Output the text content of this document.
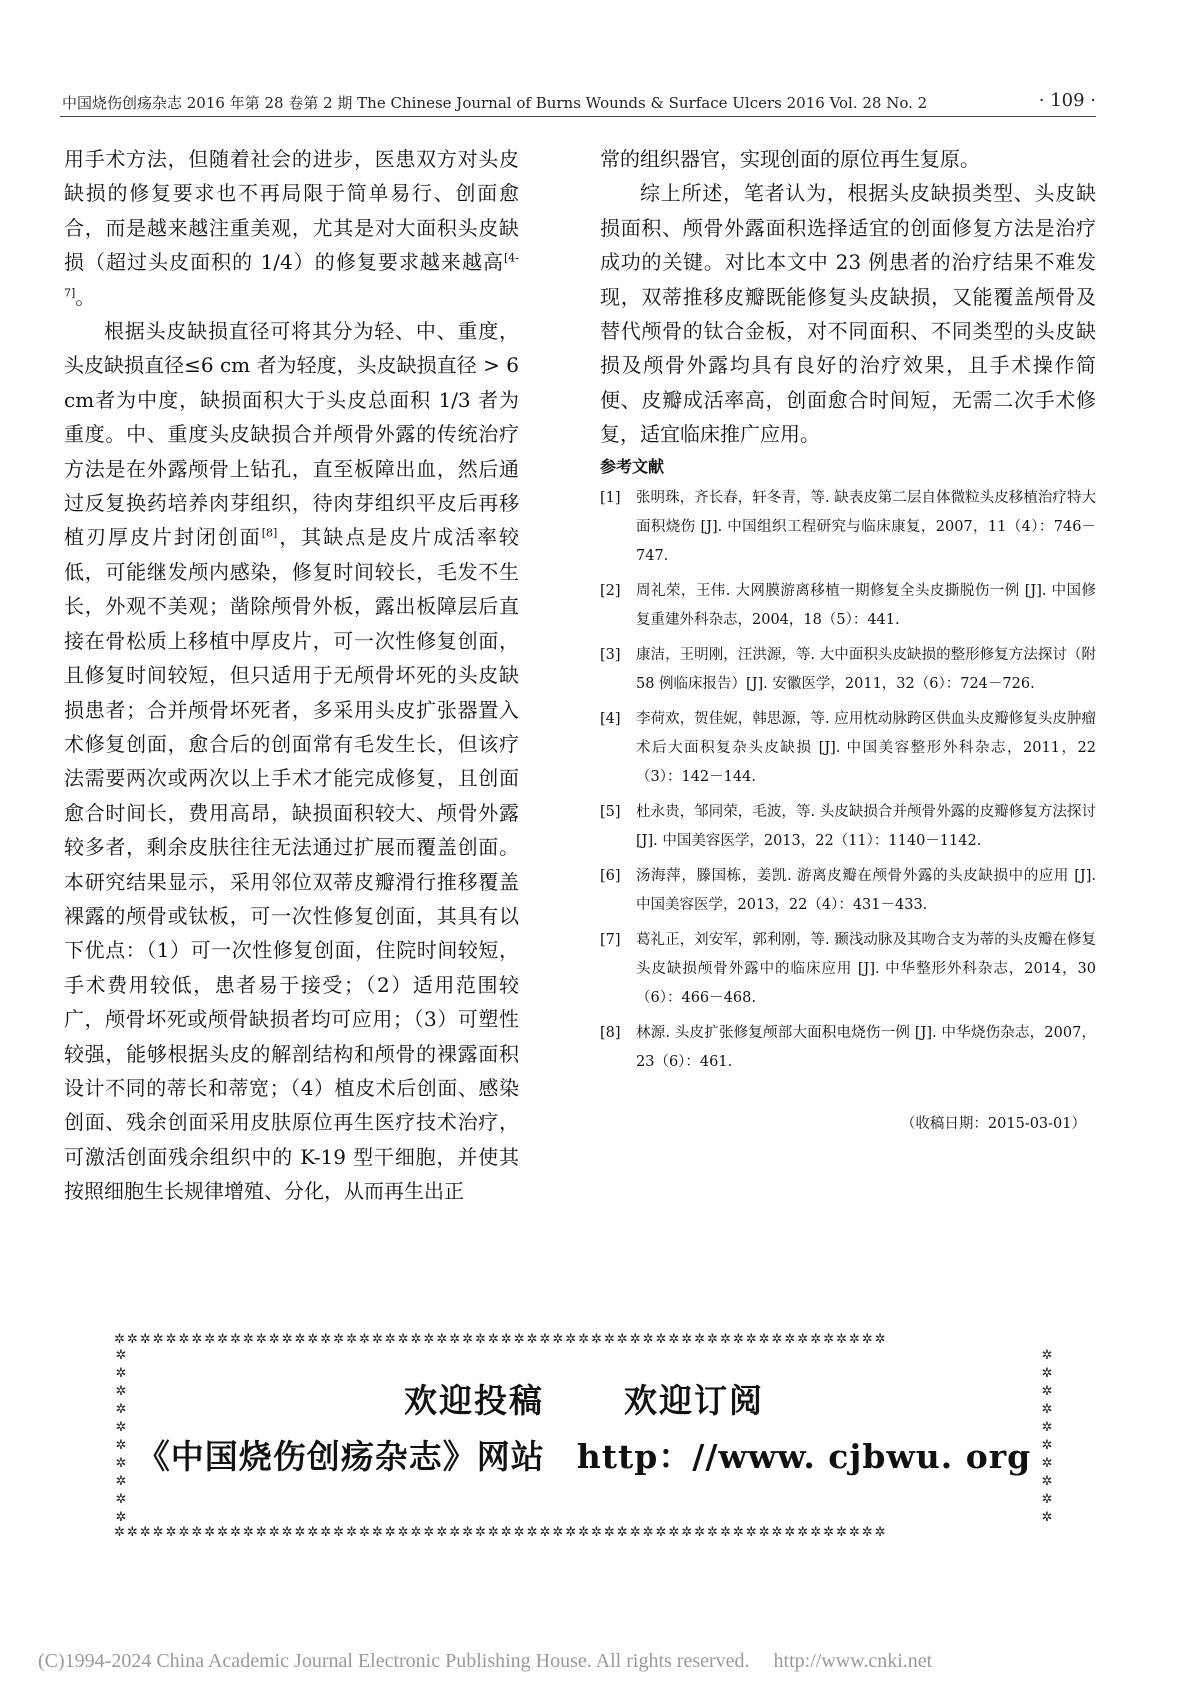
中国烧伤创疡杂志 2016 年第 28 卷第 2 期 The Chinese Journal of Burns Wounds & Surface Ulcers 2016 Vol. 28 No. 2	· 109 ·

用手术方法，但随着社会的进步，医患双方对头皮缺损的修复要求也不再局限于简单易行、创面愈合，而是越来越注重美观，尤其是对大面积头皮缺损（超过头皮面积的 1/4）的修复要求越来越高[4-7]。

根据头皮缺损直径可将其分为轻、中、重度，头皮缺损直径≤6 cm 者为轻度，头皮缺损直径 > 6 cm者为中度，缺损面积大于头皮总面积 1/3 者为重度。中、重度头皮缺损合并颅骨外露的传统治疗方法是在外露颅骨上钻孔，直至板障出血，然后通过反复换药培养肉芽组织，待肉芽组织平皮后再移植刃厚皮片封闭创面[8]，其缺点是皮片成活率较低，可能继发颅内感染，修复时间较长，毛发不生长，外观不美观；凿除颅骨外板，露出板障层后直接在骨松质上移植中厚皮片，可一次性修复创面，且修复时间较短，但只适用于无颅骨坏死的头皮缺损患者；合并颅骨坏死者，多采用头皮扩张器置入术修复创面，愈合后的创面常有毛发生长，但该疗法需要两次或两次以上手术才能完成修复，且创面愈合时间长，费用高昂，缺损面积较大、颅骨外露较多者，剩余皮肤往往无法通过扩展而覆盖创面。本研究结果显示，采用邻位双蒂皮瓣滑行推移覆盖裸露的颅骨或钛板，可一次性修复创面，其具有以下优点：（1）可一次性修复创面，住院时间较短，手术费用较低，患者易于接受；（2）适用范围较广，颅骨坏死或颅骨缺损者均可应用；（3）可塑性较强，能够根据头皮的解剖结构和颅骨的裸露面积设计不同的蒂长和蒂宽；（4）植皮术后创面、感染创面、残余创面采用皮肤原位再生医疗技术治疗，可激活创面残余组织中的 K-19 型干细胞，并使其按照细胞生长规律增殖、分化，从而再生出正

常的组织器官，实现创面的原位再生复原。

综上所述，笔者认为，根据头皮缺损类型、头皮缺损面积、颅骨外露面积选择适宜的创面修复方法是治疗成功的关键。对比本文中 23 例患者的治疗结果不难发现，双蒂推移皮瓣既能修复头皮缺损，又能覆盖颅骨及替代颅骨的钛合金板，对不同面积、不同类型的头皮缺损及颅骨外露均具有良好的治疗效果，且手术操作简便、皮瓣成活率高，创面愈合时间短，无需二次手术修复，适宜临床推广应用。

参考文献
[1]	张明珠，齐长春，轩冬青，等. 缺表皮第二层自体微粒头皮移植治疗特大面积烧伤 [J]. 中国组织工程研究与临床康复，2007，11（4）：746－747.
[2]	周礼荣，王伟. 大网膜游离移植一期修复全头皮撕脱伤一例 [J]. 中国修复重建外科杂志，2004，18（5）：441.
[3]	康洁，王明刚，汪洪源，等. 大中面积头皮缺损的整形修复方法探讨（附 58 例临床报告）[J]. 安徽医学，2011，32（6）：724－726.
[4]	李荷欢，贺佳妮，韩思源，等. 应用枕动脉跨区供血头皮瓣修复头皮肿瘤术后大面积复杂头皮缺损 [J]. 中国美容整形外科杂志，2011，22（3）：142－144.
[5]	杜永贵，邹同荣，毛波，等. 头皮缺损合并颅骨外露的皮瓣修复方法探讨 [J]. 中国美容医学，2013，22（11）：1140－1142.
[6]	汤海萍，滕国栋，姜凯. 游离皮瓣在颅骨外露的头皮缺损中的应用 [J]. 中国美容医学，2013，22（4）：431－433.
[7]	葛礼正，刘安军，郭利刚，等. 颞浅动脉及其吻合支为蒂的头皮瓣在修复头皮缺损颅骨外露中的临床应用 [J]. 中华整形外科杂志，2014，30（6）：466－468.
[8]	林源. 头皮扩张修复颅部大面积电烧伤一例 [J]. 中华烧伤杂志，2007，23（6）：461.
（收稿日期：2015-03-01）
✲✲✲✲✲✲✲✲✲✲✲✲✲✲✲✲✲✲✲✲✲✲✲✲✲✲✲✲✲✲✲✲✲✲✲✲✲✲✲✲✲✲✲✲✲✲✲✲✲✲✲✲✲✲✲✲✲✲✲✲
✲
✲
✲
✲
✲
✲
✲
✲
✲
✲
✲
✲
✲
✲
✲
✲
✲
✲
✲
✲
✲✲✲✲✲✲✲✲✲✲✲✲✲✲✲✲✲✲✲✲✲✲✲✲✲✲✲✲✲✲✲✲✲✲✲✲✲✲✲✲✲✲✲✲✲✲✲✲✲✲✲✲✲✲✲✲✲✲✲✲
欢迎投稿 欢迎订阅
《中国烧伤创疡杂志》网站 http：//www. cjbwu. org
(C)1994-2024 China Academic Journal Electronic Publishing House. All rights reserved. http://www.cnki.net
